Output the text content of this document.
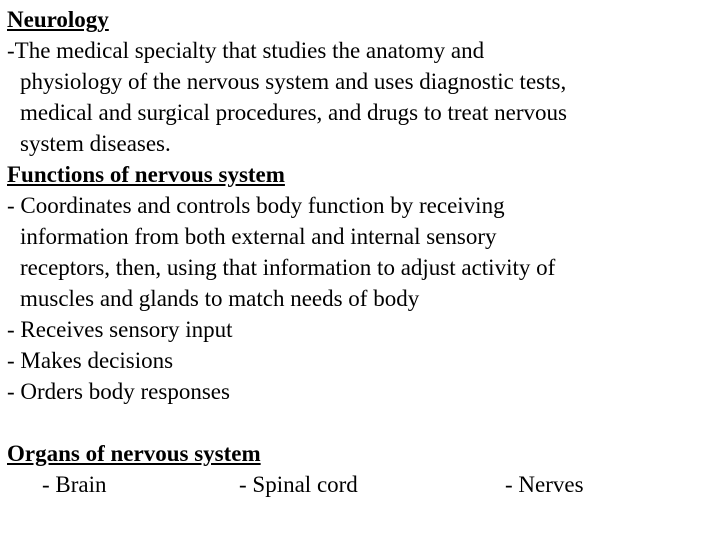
Neurology
-The medical specialty that studies the anatomy and
physiology of the nervous system and uses diagnostic tests,
medical and surgical procedures, and drugs to treat nervous
system diseases.
Functions of nervous system
- Coordinates and controls body function by receiving
information from both external and internal sensory
receptors, then, using that information to adjust activity of
muscles and glands to match needs of body
- Receives sensory input
- Makes decisions
- Orders body responses
Organs of nervous system
- Brain	- Spinal cord	- Nerves
